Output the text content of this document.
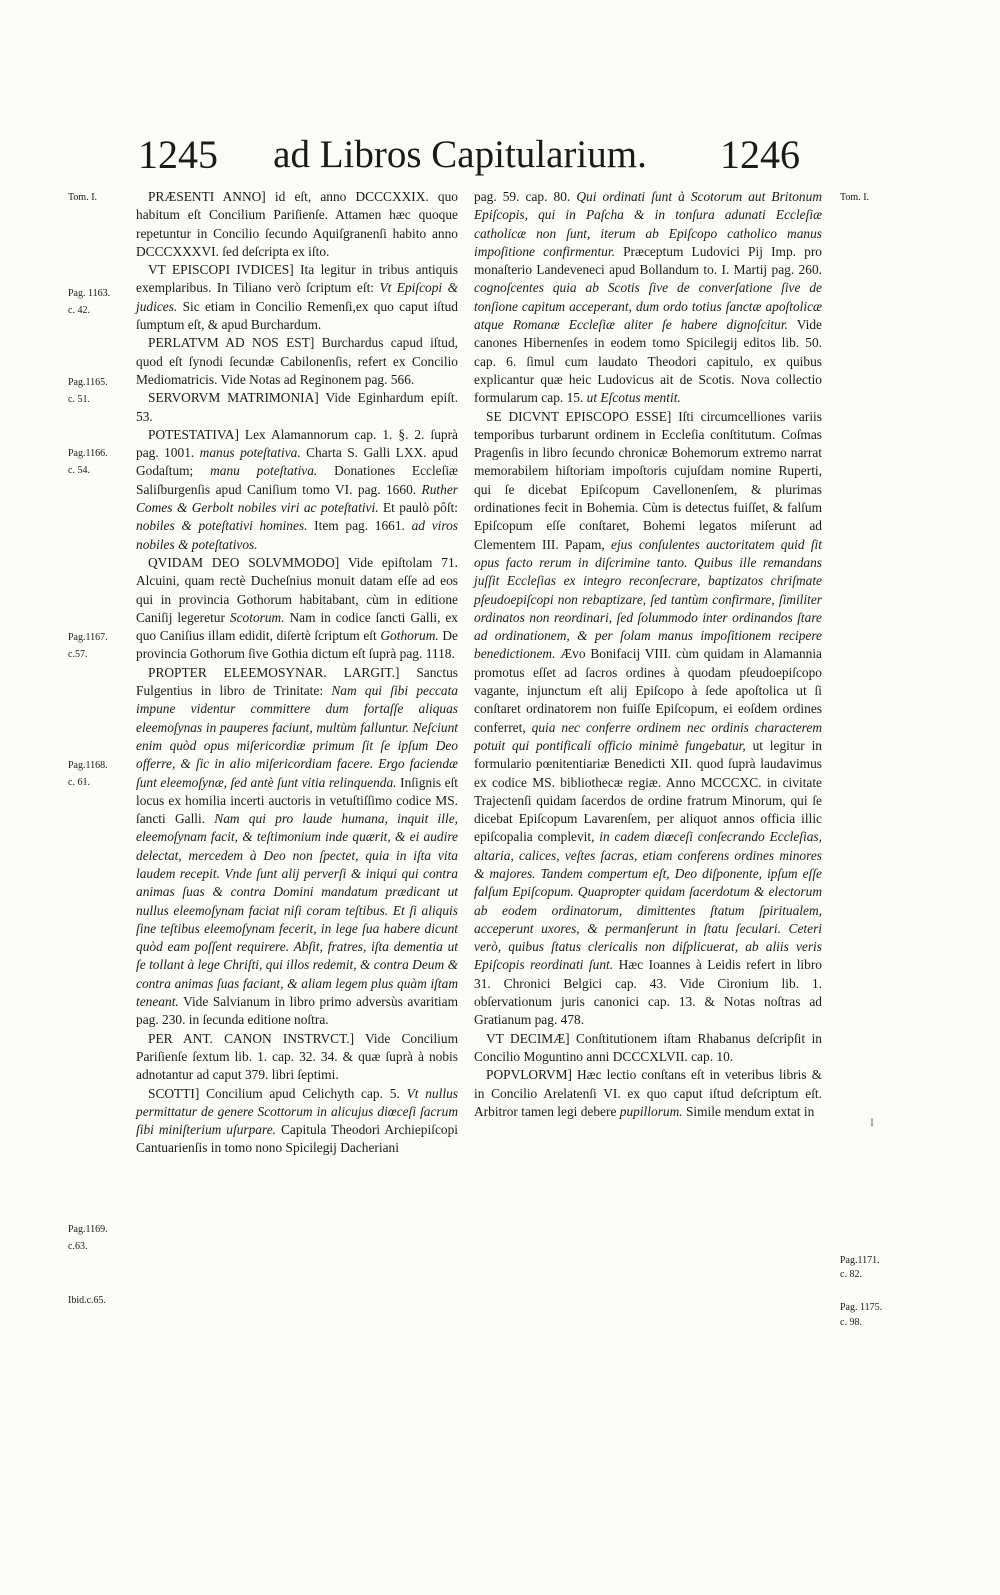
1245	ad Libros Capitularium.	1246
Tom. I.
Pag. 1163.
c. 42.
Pag.1165.
c. 51.
Pag.1166.
c. 54.
Pag.1167.
c.57.
Pag.1168.
c. 61.
Pag.1169.
c.63.
Ibid.c.65.
Tom. I.
Pag.1171.
c. 82.
Pag. 1175.
c. 98.

PRÆSENTI ANNO] id eſt, anno DCCCXXIX. quo habitum eſt Concilium Pariſienſe. Attamen hæc quoque repetuntur in Concilio ſecundo Aquiſgranenſi habito anno DCCCXXXVI. ſed deſcripta ex iſto.

VT EPISCOPI IVDICES] Ita legitur in tribus antiquis exemplaribus. In Tiliano verò ſcriptum eſt: Vt Epiſcopi & judices. Sic etiam in Concilio Remenſi,ex quo caput iſtud ſumptum eſt, & apud Burchardum.

PERLATVM AD NOS EST] Burchardus capud iſtud, quod eſt ſynodi ſecundæ Cabilonenſis, refert ex Concilio Mediomatricis. Vide Notas ad Reginonem pag. 566.

SERVORVM MATRIMONIA] Vide Eginhardum epiſt. 53.

POTESTATIVA] Lex Alamannorum cap. 1. §. 2. ſuprà pag. 1001. manus poteſtativa. Charta S. Galli LXX. apud Godaſtum; manu poteſtativa. Donationes Eccleſiæ Saliſburgenſis apud Caniſium tomo VI. pag. 1660. Ruther Comes & Gerbolt nobiles viri ac poteſtativi. Et paulò pôſt: nobiles & poteſtativi homines. Item pag. 1661. ad viros nobiles & poteſtativos.

QVIDAM DEO SOLVMMODO] Vide epiſtolam 71. Alcuini, quam rectè Ducheſnius monuit datam eſſe ad eos qui in provincia Gothorum habitabant, cùm in editione Caniſij legeretur Scotorum. Nam in codice ſancti Galli, ex quo Caniſius illam edidit, diſertè ſcriptum eſt Gothorum. De provincia Gothorum ſive Gothia dictum eſt ſuprà pag. 1118.

PROPTER ELEEMOSYNAR. LARGIT.] Sanctus Fulgentius in libro de Trinitate: Nam qui ſibi peccata impune videntur committere dum fortaſſe aliquas eleemoſynas in pauperes faciunt, multùm falluntur. Neſciunt enim quòd opus miſericordiæ primum ſit ſe ipſum Deo offerre, & ſic in alio miſericordiam facere. Ergo faciendæ ſunt eleemoſynæ, ſed antè ſunt vitia relinquenda. Inſignis eſt locus ex homilia incerti auctoris in vetuſtiſſimo codice MS. ſancti Galli. Nam qui pro laude humana, inquit ille, eleemoſynam facit, & teſtimonium inde quærit, & ei audire delectat, mercedem à Deo non ſpectet, quia in iſta vita laudem recepit. Vnde ſunt alij perverſi & iniqui qui contra animas ſuas & contra Domini mandatum prædicant ut nullus eleemoſynam faciat niſi coram teſtibus. Et ſi aliquis ſine teſtibus eleemoſynam fecerit, in lege ſua habere dicunt quòd eam poſſent requirere. Abſit, fratres, iſta dementia ut ſe tollant à lege Chriſti, qui illos redemit, & contra Deum & contra animas ſuas faciant, & aliam legem plus quàm iſtam teneant. Vide Salvianum in libro primo adversùs avaritiam pag. 230. in ſecunda editione noſtra.

PER ANT. CANON INSTRVCT.] Vide Concilium Pariſienſe ſextum lib. 1. cap. 32. 34. & quæ ſuprà à nobis adnotantur ad caput 379. libri ſeptimi.

SCOTTI] Concilium apud Celichyth cap. 5. Vt nullus permittatur de genere Scottorum in alicujus diœceſi ſacrum ſibi miniſterium uſurpare. Capitula Theodori Archiepiſcopi Cantuarienſis in tomo nono Spicilegij Dacheriani

pag. 59. cap. 80. Qui ordinati ſunt à Scotorum aut Britonum Epiſcopis, qui in Paſcha & in tonſura adunati Eccleſiæ catholicæ non ſunt, iterum ab Epiſcopo catholico manus impoſitione confirmentur. Præceptum Ludovici Pij Imp. pro monaſterio Landeveneci apud Bollandum to. I. Martij pag. 260. cognoſcentes quia ab Scotis ſive de converſatione ſive de tonſione capitum acceperant, dum ordo totius ſanctæ apoſtolicæ atque Romanæ Eccleſiæ aliter ſe habere dignoſcitur. Vide canones Hibernenſes in eodem tomo Spicilegij editos lib. 50. cap. 6. ſimul cum laudato Theodori capitulo, ex quibus explicantur quæ heic Ludovicus ait de Scotis. Nova collectio formularum cap. 15. ut Eſcotus mentit.

SE DICVNT EPISCOPO ESSE] Iſti circumcelliones variis temporibus turbarunt ordinem in Eccleſia conſtitutum. Coſmas Pragenſis in libro ſecundo chronicæ Bohemorum extremo narrat memorabilem hiſtoriam impoſtoris cujuſdam nomine Ruperti, qui ſe dicebat Epiſcopum Cavellonenſem, & plurimas ordinationes fecit in Bohemia. Cùm is detectus fuiſſet, & falſum Epiſcopum eſſe conſtaret, Bohemi legatos miſerunt ad Clementem III. Papam, ejus conſulentes auctoritatem quid ſit opus facto rerum in diſcrimine tanto. Quibus ille remandans juſſit Eccleſias ex integro reconſecrare, baptizatos chriſmate pſeudoepiſcopi non rebaptizare, ſed tantùm confirmare, ſimiliter ordinatos non reordinari, ſed ſolummodo inter ordinandos ſtare ad ordinationem, & per ſolam manus impoſitionem recipere benedictionem. Ævo Bonifacij VIII. cùm quidam in Alamannia promotus eſſet ad ſacros ordines à quodam pſeudoepiſcopo vagante, injunctum eſt alij Epiſcopo à ſede apoſtolica ut ſi conſtaret ordinatorem non fuiſſe Epiſcopum, ei eoſdem ordines conferret, quia nec conferre ordinem nec ordinis characterem potuit qui pontificali officio minimè fungebatur, ut legitur in formulario pœnitentiariæ Benedicti XII. quod ſuprà laudavimus ex codice MS. bibliothecæ regiæ. Anno MCCCXC. in civitate Trajectenſi quidam ſacerdos de ordine fratrum Minorum, qui ſe dicebat Epiſcopum Lavarenſem, per aliquot annos officia illic epiſcopalia complevit, in cadem diœceſi conſecrando Eccleſias, altaria, calices, veſtes ſacras, etiam conferens ordines minores & majores. Tandem compertum eſt, Deo diſponente, ipſum eſſe falſum Epiſcopum. Quapropter quidam ſacerdotum & electorum ab eodem ordinatorum, dimittentes ſtatum ſpiritualem, acceperunt uxores, & permanſerunt in ſtatu ſeculari. Ceteri verò, quibus ſtatus clericalis non diſplicuerat, ab aliis veris Epiſcopis reordinati ſunt. Hæc Ioannes à Leidis refert in libro 31. Chronici Belgici cap. 43. Vide Cironium lib. 1. obſervationum juris canonici cap. 13. & Notas noſtras ad Gratianum pag. 478.

VT DECIMÆ] Conſtitutionem iſtam Rhabanus deſcripſit in Concilio Moguntino anni DCCCXLVII. cap. 10.

POPVLORVM] Hæc lectio conſtans eſt in veteribus libris & in Concilio Arelatenſi VI. ex quo caput iſtud deſcriptum eſt. Arbitror tamen legi debere pupillorum. Simile mendum extat in

I
